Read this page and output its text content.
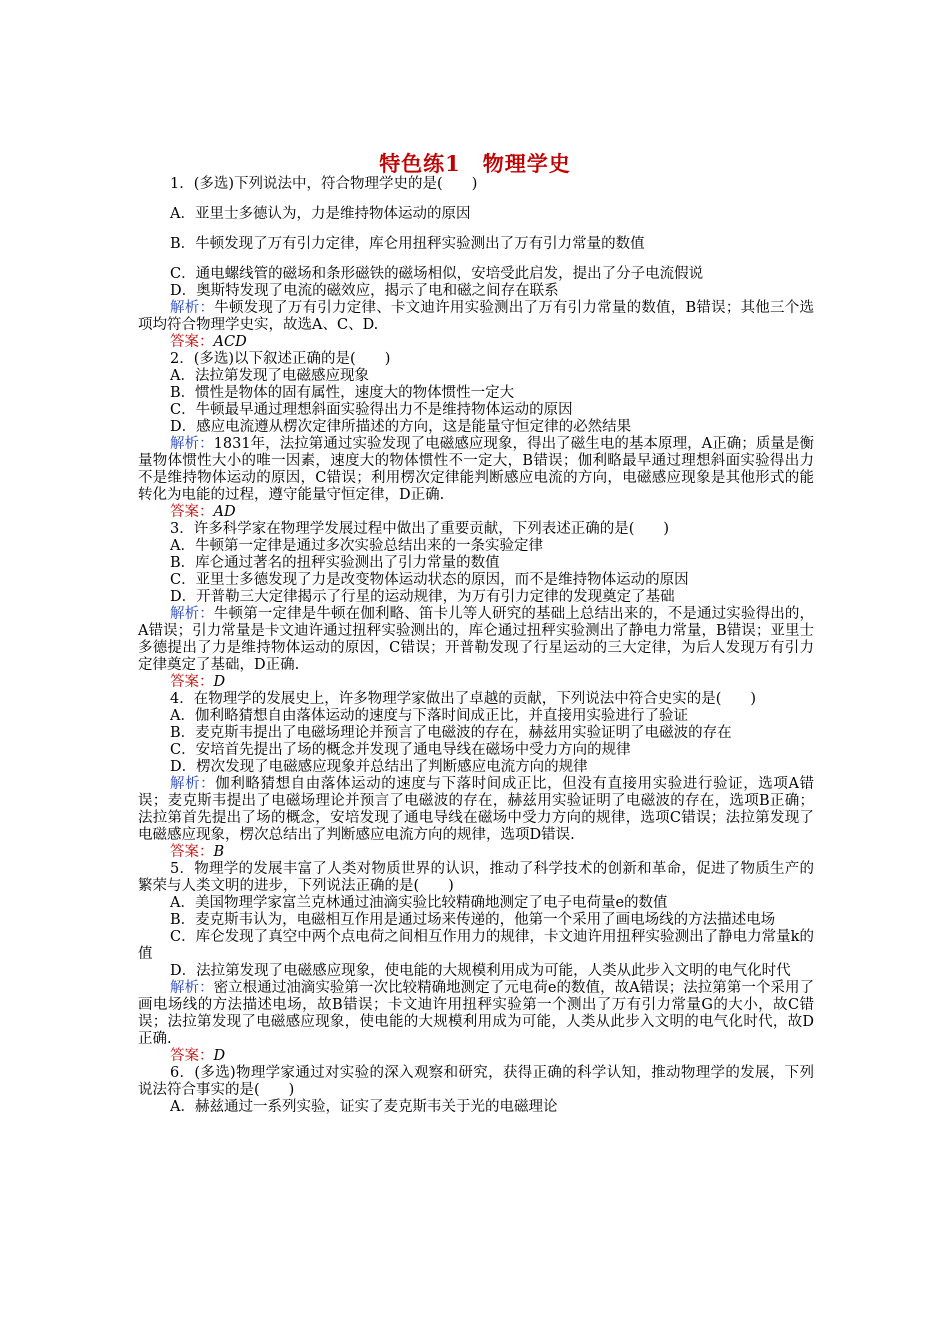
特色练1　物理学史

1．(多选)下列说法中，符合物理学史的是(　　)

A．亚里士多德认为，力是维持物体运动的原因

B．牛顿发现了万有引力定律，库仑用扭秤实验测出了万有引力常量的数值

C．通电螺线管的磁场和条形磁铁的磁场相似，安培受此启发，提出了分子电流假说

D．奥斯特发现了电流的磁效应，揭示了电和磁之间存在联系

解析：牛顿发现了万有引力定律、卡文迪许用实验测出了万有引力常量的数值，B错误；其他三个选项均符合物理学史实，故选A、C、D.

答案：ACD

2．(多选)以下叙述正确的是(　　)

A．法拉第发现了电磁感应现象

B．惯性是物体的固有属性，速度大的物体惯性一定大

C．牛顿最早通过理想斜面实验得出力不是维持物体运动的原因

D．感应电流遵从楞次定律所描述的方向，这是能量守恒定律的必然结果

解析：1831年，法拉第通过实验发现了电磁感应现象，得出了磁生电的基本原理，A正确；质量是衡量物体惯性大小的唯一因素，速度大的物体惯性不一定大，B错误；伽利略最早通过理想斜面实验得出力不是维持物体运动的原因，C错误；利用楞次定律能判断感应电流的方向，电磁感应现象是其他形式的能转化为电能的过程，遵守能量守恒定律，D正确.

答案：AD

3．许多科学家在物理学发展过程中做出了重要贡献，下列表述正确的是(　　)

A．牛顿第一定律是通过多次实验总结出来的一条实验定律

B．库仑通过著名的扭秤实验测出了引力常量的数值

C．亚里士多德发现了力是改变物体运动状态的原因，而不是维持物体运动的原因

D．开普勒三大定律揭示了行星的运动规律，为万有引力定律的发现奠定了基础

解析：牛顿第一定律是牛顿在伽利略、笛卡儿等人研究的基础上总结出来的，不是通过实验得出的，A错误；引力常量是卡文迪许通过扭秤实验测出的，库仑通过扭秤实验测出了静电力常量，B错误；亚里士多德提出了力是维持物体运动的原因，C错误；开普勒发现了行星运动的三大定律，为后人发现万有引力定律奠定了基础，D正确.

答案：D

4．在物理学的发展史上，许多物理学家做出了卓越的贡献，下列说法中符合史实的是(　　)

A．伽利略猜想自由落体运动的速度与下落时间成正比，并直接用实验进行了验证

B．麦克斯韦提出了电磁场理论并预言了电磁波的存在，赫兹用实验证明了电磁波的存在

C．安培首先提出了场的概念并发现了通电导线在磁场中受力方向的规律

D．楞次发现了电磁感应现象并总结出了判断感应电流方向的规律

解析：伽利略猜想自由落体运动的速度与下落时间成正比，但没有直接用实验进行验证，选项A错误；麦克斯韦提出了电磁场理论并预言了电磁波的存在，赫兹用实验证明了电磁波的存在，选项B正确；法拉第首先提出了场的概念，安培发现了通电导线在磁场中受力方向的规律，选项C错误；法拉第发现了电磁感应现象，楞次总结出了判断感应电流方向的规律，选项D错误.

答案：B

5．物理学的发展丰富了人类对物质世界的认识，推动了科学技术的创新和革命，促进了物质生产的繁荣与人类文明的进步，下列说法正确的是(　　)

A．美国物理学家富兰克林通过油滴实验比较精确地测定了电子电荷量e的数值

B．麦克斯韦认为，电磁相互作用是通过场来传递的，他第一个采用了画电场线的方法描述电场

C．库仑发现了真空中两个点电荷之间相互作用力的规律，卡文迪许用扭秤实验测出了静电力常量k的值

D．法拉第发现了电磁感应现象，使电能的大规模利用成为可能，人类从此步入文明的电气化时代

解析：密立根通过油滴实验第一次比较精确地测定了元电荷e的数值，故A错误；法拉第第一个采用了画电场线的方法描述电场，故B错误；卡文迪许用扭秤实验第一个测出了万有引力常量G的大小，故C错误；法拉第发现了电磁感应现象，使电能的大规模利用成为可能，人类从此步入文明的电气化时代，故D正确.

答案：D

6．(多选)物理学家通过对实验的深入观察和研究，获得正确的科学认知，推动物理学的发展，下列说法符合事实的是(　　)

A．赫兹通过一系列实验，证实了麦克斯韦关于光的电磁理论
